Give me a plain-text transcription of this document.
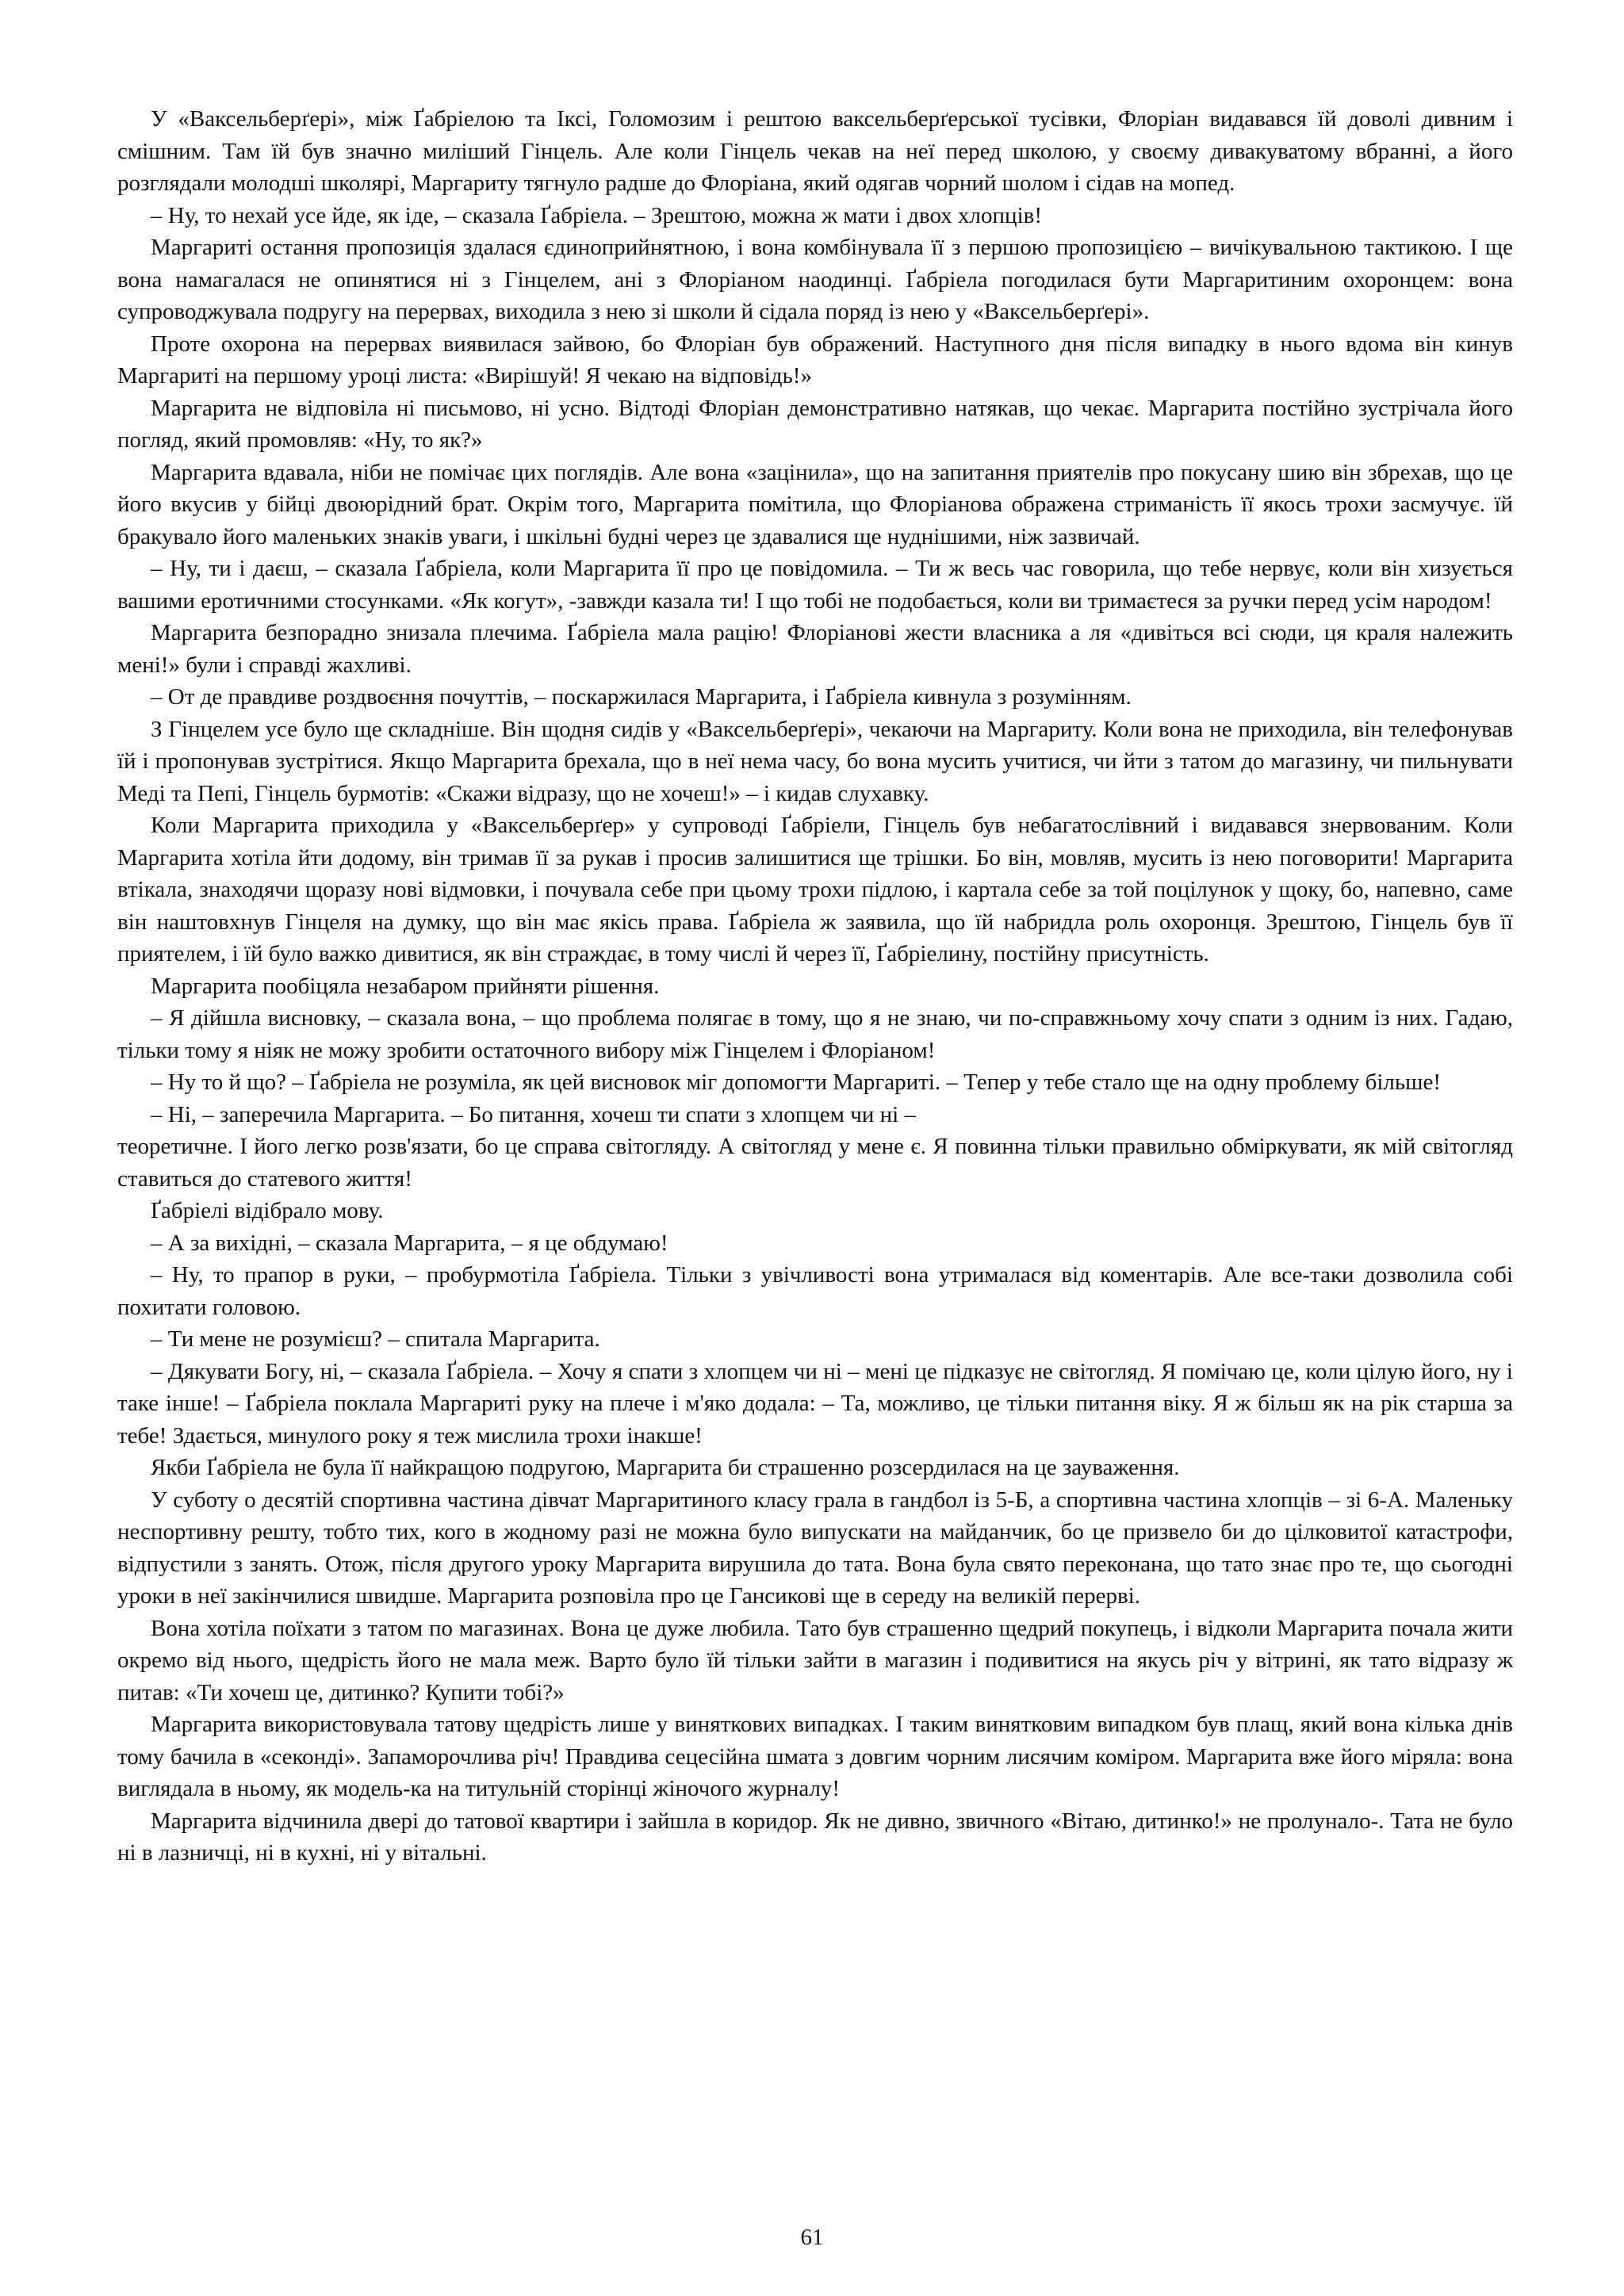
У «Ваксельберґері», між Ґабріелою та Іксі, Голомозим і рештою ваксельберґерської тусівки, Флоріан видавався їй доволі дивним і смішним. Там їй був значно миліший Гінцель. Але коли Гінцель чекав на неї перед школою, у своєму дивакуватому вбранні, а його розглядали молодші школярі, Маргариту тягнуло радше до Флоріана, який одягав чорний шолом і сідав на мопед.

– Ну, то нехай усе йде, як іде, – сказала Ґабріела. – Зрештою, можна ж мати і двох хлопців!

Маргариті остання пропозиція здалася єдиноприйнятною, і вона комбінувала її з першою пропозицією – вичікувальною тактикою. І ще вона намагалася не опинятися ні з Гінцелем, ані з Флоріаном наодинці. Ґабріела погодилася бути Маргаритиним охоронцем: вона супроводжувала подругу на перервах, виходила з нею зі школи й сідала поряд із нею у «Ваксельберґері».

Проте охорона на перервах виявилася зайвою, бо Флоріан був ображений. Наступного дня після випадку в нього вдома він кинув Маргариті на першому уроці листа: «Вирішуй! Я чекаю на відповідь!»

Маргарита не відповіла ні письмово, ні усно. Відтоді Флоріан демонстративно натякав, що чекає. Маргарита постійно зустрічала його погляд, який промовляв: «Ну, то як?»

Маргарита вдавала, ніби не помічає цих поглядів. Але вона «зацінила», що на запитання приятелів про покусану шию він збрехав, що це його вкусив у бійці двоюрідний брат. Окрім того, Маргарита помітила, що Флоріанова ображена стриманість її якось трохи засмучує. їй бракувало його маленьких знаків уваги, і шкільні будні через це здавалися ще нуднішими, ніж зазвичай.

– Ну, ти і даєш, – сказала Ґабріела, коли Маргарита її про це повідомила. – Ти ж весь час говорила, що тебе нервує, коли він хизується вашими еротичними стосунками. «Як когут», -завжди казала ти! І що тобі не подобається, коли ви тримаєтеся за ручки перед усім народом!

Маргарита безпорадно знизала плечима. Ґабріела мала рацію! Флоріанові жести власника а ля «дивіться всі сюди, ця краля належить мені!» були і справді жахливі.

– От де правдиве роздвоєння почуттів, – поскаржилася Маргарита, і Ґабріела кивнула з розумінням.

З Гінцелем усе було ще складніше. Він щодня сидів у «Ваксельберґері», чекаючи на Маргариту. Коли вона не приходила, він телефонував їй і пропонував зустрітися. Якщо Маргарита брехала, що в неї нема часу, бо вона мусить учитися, чи йти з татом до магазину, чи пильнувати Меді та Пепі, Гінцель бурмотів: «Скажи відразу, що не хочеш!» – і кидав слухавку.

Коли Маргарита приходила у «Ваксельберґер» у супроводі Ґабріели, Гінцель був небагатослівний і видавався знервованим. Коли Маргарита хотіла йти додому, він тримав її за рукав і просив залишитися ще трішки. Бо він, мовляв, мусить із нею поговорити! Маргарита втікала, знаходячи щоразу нові відмовки, і почувала себе при цьому трохи підлою, і картала себе за той поцілунок у щоку, бо, напевно, саме він наштовхнув Гінцеля на думку, що він має якісь права. Ґабріела ж заявила, що їй набридла роль охоронця. Зрештою, Гінцель був її приятелем, і їй було важко дивитися, як він страждає, в тому числі й через її, Ґабріелину, постійну присутність.

Маргарита пообіцяла незабаром прийняти рішення.

– Я дійшла висновку, – сказала вона, – що проблема полягає в тому, що я не знаю, чи по-справжньому хочу спати з одним із них. Гадаю, тільки тому я ніяк не можу зробити остаточного вибору між Гінцелем і Флоріаном!

– Ну то й що? – Ґабріела не розуміла, як цей висновок міг допомогти Маргариті. – Тепер у тебе стало ще на одну проблему більше!

– Ні, – заперечила Маргарита. – Бо питання, хочеш ти спати з хлопцем чи ні –

теоретичне. І його легко розв'язати, бо це справа світогляду. А світогляд у мене є. Я повинна тільки правильно обміркувати, як мій світогляд ставиться до статевого життя!

Ґабріелі відібрало мову.

– А за вихідні, – сказала Маргарита, – я це обдумаю!

– Ну, то прапор в руки, – пробурмотіла Ґабріела. Тільки з увічливості вона утрималася від коментарів. Але все-таки дозволила собі похитати головою.

– Ти мене не розумієш? – спитала Маргарита.

– Дякувати Богу, ні, – сказала Ґабріела. – Хочу я спати з хлопцем чи ні – мені це підказує не світогляд. Я помічаю це, коли цілую його, ну і таке інше! – Ґабріела поклала Маргариті руку на плече і м'яко додала: – Та, можливо, це тільки питання віку. Я ж більш як на рік старша за тебе! Здається, минулого року я теж мислила трохи інакше!

Якби Ґабріела не була її найкращою подругою, Маргарита би страшенно розсердилася на це зауваження.

У суботу о десятій спортивна частина дівчат Маргаритиного класу грала в гандбол із 5-Б, а спортивна частина хлопців – зі 6-А. Маленьку неспортивну решту, тобто тих, кого в жодному разі не можна було випускати на майданчик, бо це призвело би до цілковитої катастрофи, відпустили з занять. Отож, після другого уроку Маргарита вирушила до тата. Вона була свято переконана, що тато знає про те, що сьогодні уроки в неї закінчилися швидше. Маргарита розповіла про це Гансикові ще в середу на великій перерві.

Вона хотіла поїхати з татом по магазинах. Вона це дуже любила. Тато був страшенно щедрий покупець, і відколи Маргарита почала жити окремо від нього, щедрість його не мала меж. Варто було їй тільки зайти в магазин і подивитися на якусь річ у вітрині, як тато відразу ж питав: «Ти хочеш це, дитинко? Купити тобі?»

Маргарита використовувала татову щедрість лише у виняткових випадках. І таким винятковим випадком був плащ, який вона кілька днів тому бачила в «секонді». Запаморочлива річ! Правдива сецесійна шмата з довгим чорним лисячим коміром. Маргарита вже його міряла: вона виглядала в ньому, як модель-ка на титульній сторінці жіночого журналу!

Маргарита відчинила двері до татової квартири і зайшла в коридор. Як не дивно, звичного «Вітаю, дитинко!» не пролунало-. Тата не було ні в лазничці, ні в кухні, ні у вітальні.

61
